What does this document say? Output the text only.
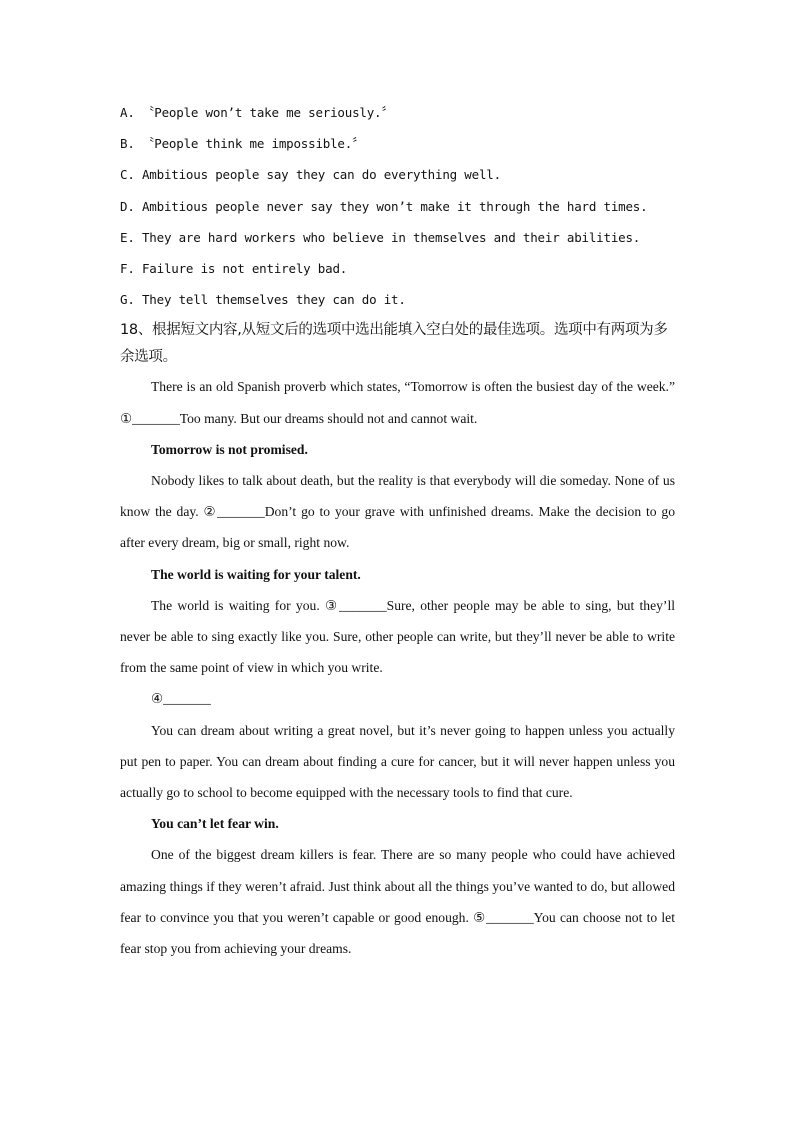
A. 〝People won’t take me seriously.〞
B. 〝People think me impossible.〞
C. Ambitious people say they can do everything well.
D. Ambitious people never say they won’t make it through the hard times.
E. They are hard workers who believe in themselves and their abilities.
F. Failure is not entirely bad.
G. They tell themselves they can do it.
18、根据短文内容,从短文后的选项中选出能填入空白处的最佳选项。选项中有两项为多余选项。
There is an old Spanish proverb which states, “Tomorrow is often the busiest day of the week.” ①_______Too many. But our dreams should not and cannot wait.
Tomorrow is not promised.
Nobody likes to talk about death, but the reality is that everybody will die someday. None of us know the day. ②_______Don’t go to your grave with unfinished dreams. Make the decision to go after every dream, big or small, right now.
The world is waiting for your talent.
The world is waiting for you. ③_______Sure, other people may be able to sing, but they’ll never be able to sing exactly like you. Sure, other people can write, but they’ll never be able to write from the same point of view in which you write.
④_______
You can dream about writing a great novel, but it’s never going to happen unless you actually put pen to paper. You can dream about finding a cure for cancer, but it will never happen unless you actually go to school to become equipped with the necessary tools to find that cure.
You can’t let fear win.
One of the biggest dream killers is fear. There are so many people who could have achieved amazing things if they weren’t afraid. Just think about all the things you’ve wanted to do, but allowed fear to convince you that you weren’t capable or good enough. ⑤_______You can choose not to let fear stop you from achieving your dreams.
